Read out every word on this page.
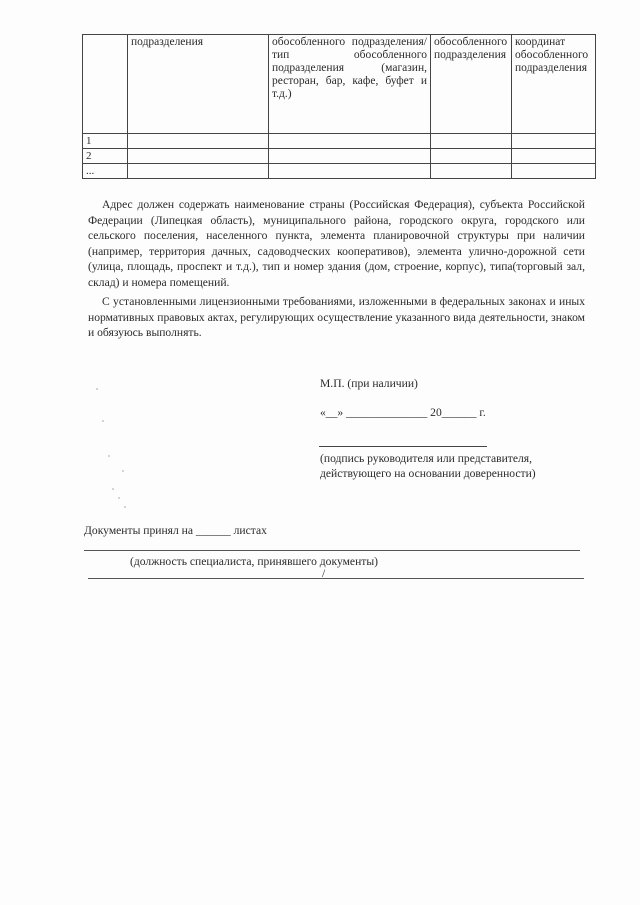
	подразделения	обособленного подразделения/тип обособленного подразделения (магазин, ресторан, бар, кафе, буфет и т.д.)	обособленного подразделения	координат обособленного подразделения
1				
2				
...				
Адрес должен содержать наименование страны (Российская Федерация), субъекта Российской Федерации (Липецкая область), муниципального района, городского округа, городского или сельского поселения, населенного пункта, элемента планировочной структуры при наличии (например, территория дачных, садоводческих кооперативов), элемента улично-дорожной сети (улица, площадь, проспект и т.д.), тип и номер здания (дом, строение, корпус), типа(торговый зал, склад) и номера помещений.
С установленными лицензионными требованиями, изложенными в федеральных законах и иных нормативных правовых актах, регулирующих осуществление указанного вида деятельности, знаком и обязуюсь выполнять.
М.П. (при наличии)
«__» ______________ 20______ г.
(подпись руководителя или представителя, действующего на основании доверенности)
Документы принял на ______ листах
(должность специалиста, принявшего документы)
/
